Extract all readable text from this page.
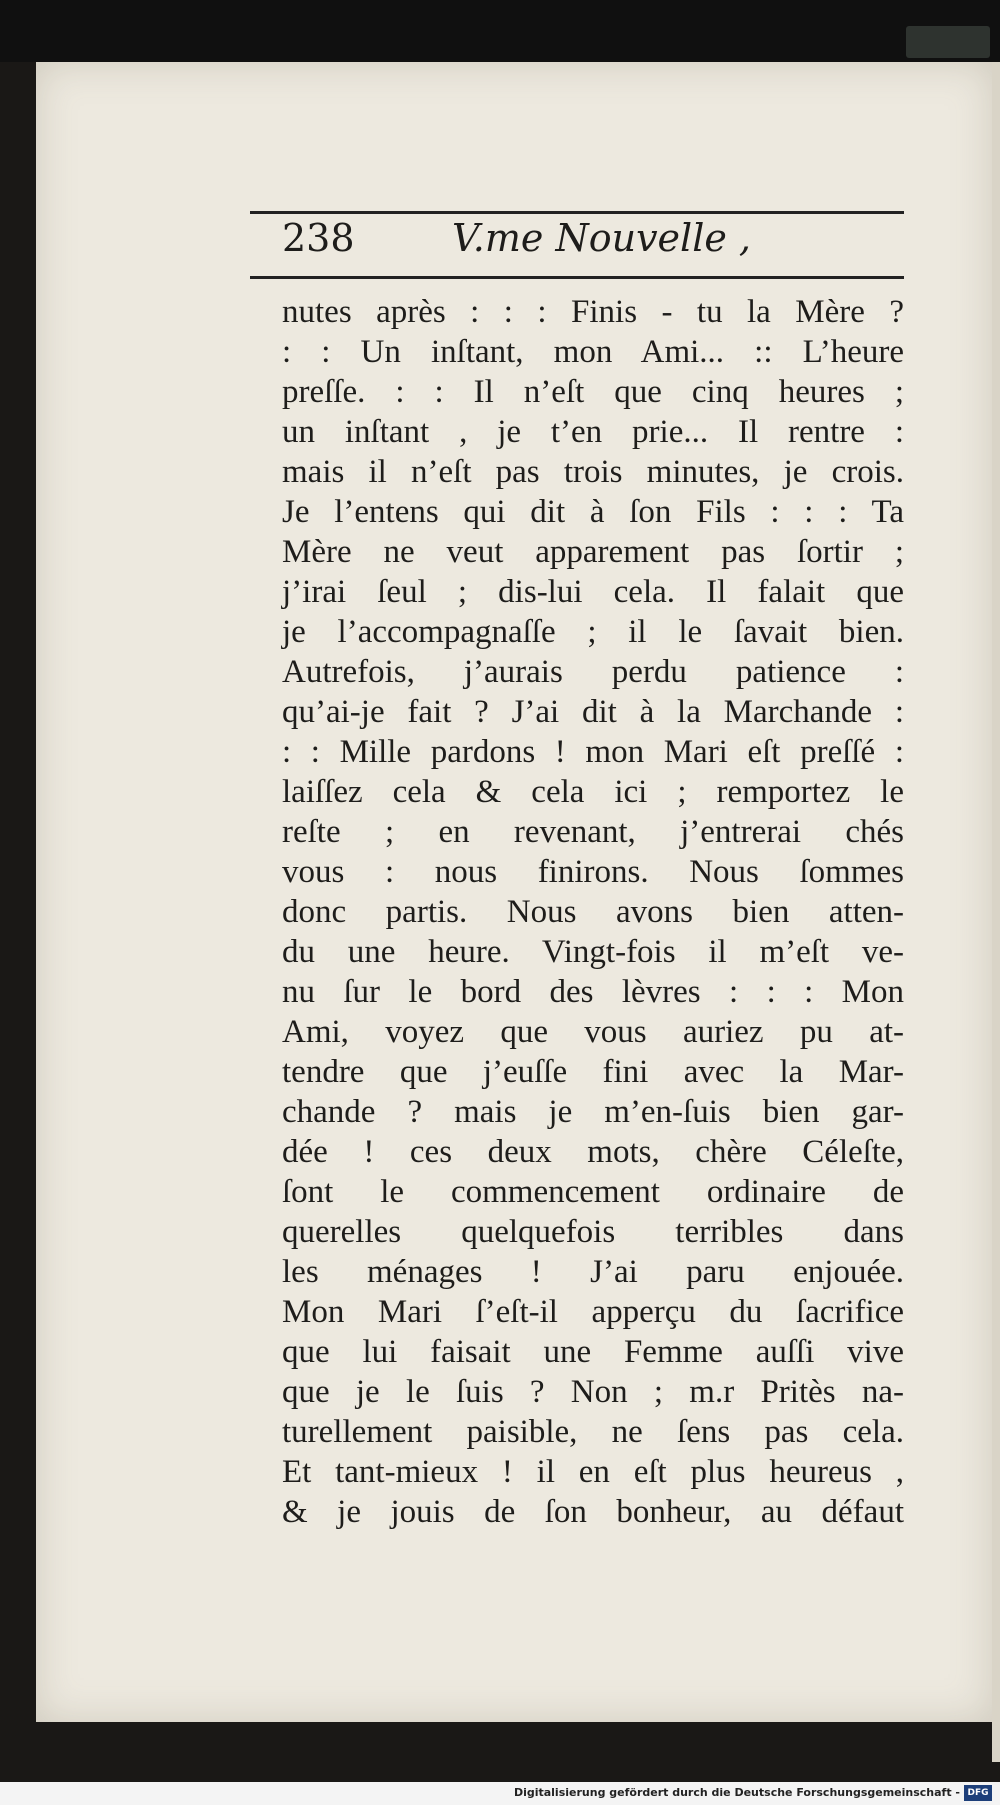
238	V.me Nouvelle ,
nutes après : : : Finis - tu la Mère ?
: : Un inſtant, mon Ami... :: L’heure
preſſe. : : Il n’eſt que cinq heures ;
un inſtant , je t’en prie... Il rentre :
mais il n’eſt pas trois minutes, je crois.
Je l’entens qui dit à ſon Fils : : : Ta
Mère ne veut apparement pas ſortir ;
j’irai ſeul ; dis-lui cela. Il falait que
je l’accompagnaſſe ; il le ſavait bien.
Autrefois, j’aurais perdu patience :
qu’ai-je fait ? J’ai dit à la Marchande :
: : Mille pardons ! mon Mari eſt preſſé :
laiſſez cela & cela ici ; remportez le
reſte ; en revenant, j’entrerai chés
vous : nous finirons. Nous ſommes
donc partis. Nous avons bien atten-
du une heure. Vingt-fois il m’eſt ve-
nu ſur le bord des lèvres : : : Mon
Ami, voyez que vous auriez pu at-
tendre que j’euſſe fini avec la Mar-
chande ? mais je m’en-ſuis bien gar-
dée ! ces deux mots, chère Céleſte,
ſont le commencement ordinaire de
querelles quelquefois terribles dans
les ménages ! J’ai paru enjouée.
Mon Mari ſ’eſt-il apperçu du ſacrifice
que lui faisait une Femme auſſi vive
que je le ſuis ? Non ; m.r Pritès na-
turellement paisible, ne ſens pas cela.
Et tant-mieux ! il en eſt plus heureus ,
& je jouis de ſon bonheur, au défaut
Digitalisierung gefördert durch die Deutsche Forschungsgemeinschaft - DFG
